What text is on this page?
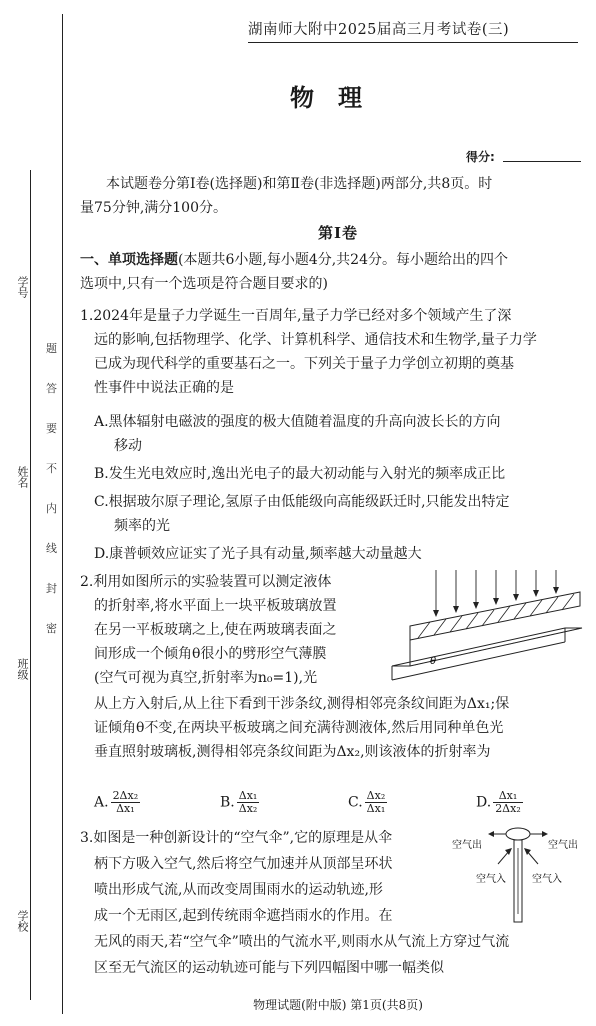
学号
姓名
班级
学校
题
答
要
不
内
线
封
密
湖南师大附中2025届高三月考试卷(三)
物理
得分:
本试题卷分第Ⅰ卷(选择题)和第Ⅱ卷(非选择题)两部分,共8页。时
量75分钟,满分100分。
第Ⅰ卷
一、单项选择题(本题共6小题,每小题4分,共24分。每小题给出的四个
选项中,只有一个选项是符合题目要求的)
1.2024年是量子力学诞生一百周年,量子力学已经对多个领域产生了深
远的影响,包括物理学、化学、计算机科学、通信技术和生物学,量子力学
已成为现代科学的重要基石之一。下列关于量子力学创立初期的奠基
性事件中说法正确的是
A.黑体辐射电磁波的强度的极大值随着温度的升高向波长长的方向
移动
B.发生光电效应时,逸出光电子的最大初动能与入射光的频率成正比
C.根据玻尔原子理论,氢原子由低能级向高能级跃迁时,只能发出特定
频率的光
D.康普顿效应证实了光子具有动量,频率越大动量越大
2.利用如图所示的实验装置可以测定液体
的折射率,将水平面上一块平板玻璃放置
在另一平板玻璃之上,使在两玻璃表面之
间形成一个倾角θ很小的劈形空气薄膜
(空气可视为真空,折射率为n₀=1),光
从上方入射后,从上往下看到干涉条纹,测得相邻亮条纹间距为Δx₁;保
证倾角θ不变,在两块平板玻璃之间充满待测液体,然后用同种单色光
垂直照射玻璃板,测得相邻亮条纹间距为Δx₂,则该液体的折射率为
θ
A. $\frac{\text{2Δx₂}}{\text{Δx₁}}$	B. $\frac{\text{Δx₁}}{\text{Δx₂}}$	C. $\frac{\text{Δx₂}}{\text{Δx₁}}$	D. $\frac{\text{Δx₁}}{\text{2Δx₂}}$
3.如图是一种创新设计的“空气伞”,它的原理是从伞
柄下方吸入空气,然后将空气加速并从顶部呈环状
喷出形成气流,从而改变周围雨水的运动轨迹,形
成一个无雨区,起到传统雨伞遮挡雨水的作用。在
无风的雨天,若“空气伞”喷出的气流水平,则雨水从气流上方穿过气流
区至无气流区的运动轨迹可能与下列四幅图中哪一幅类似
空气出	空气出
空气入	空气入
物理试题(附中版) 第1页(共8页)
